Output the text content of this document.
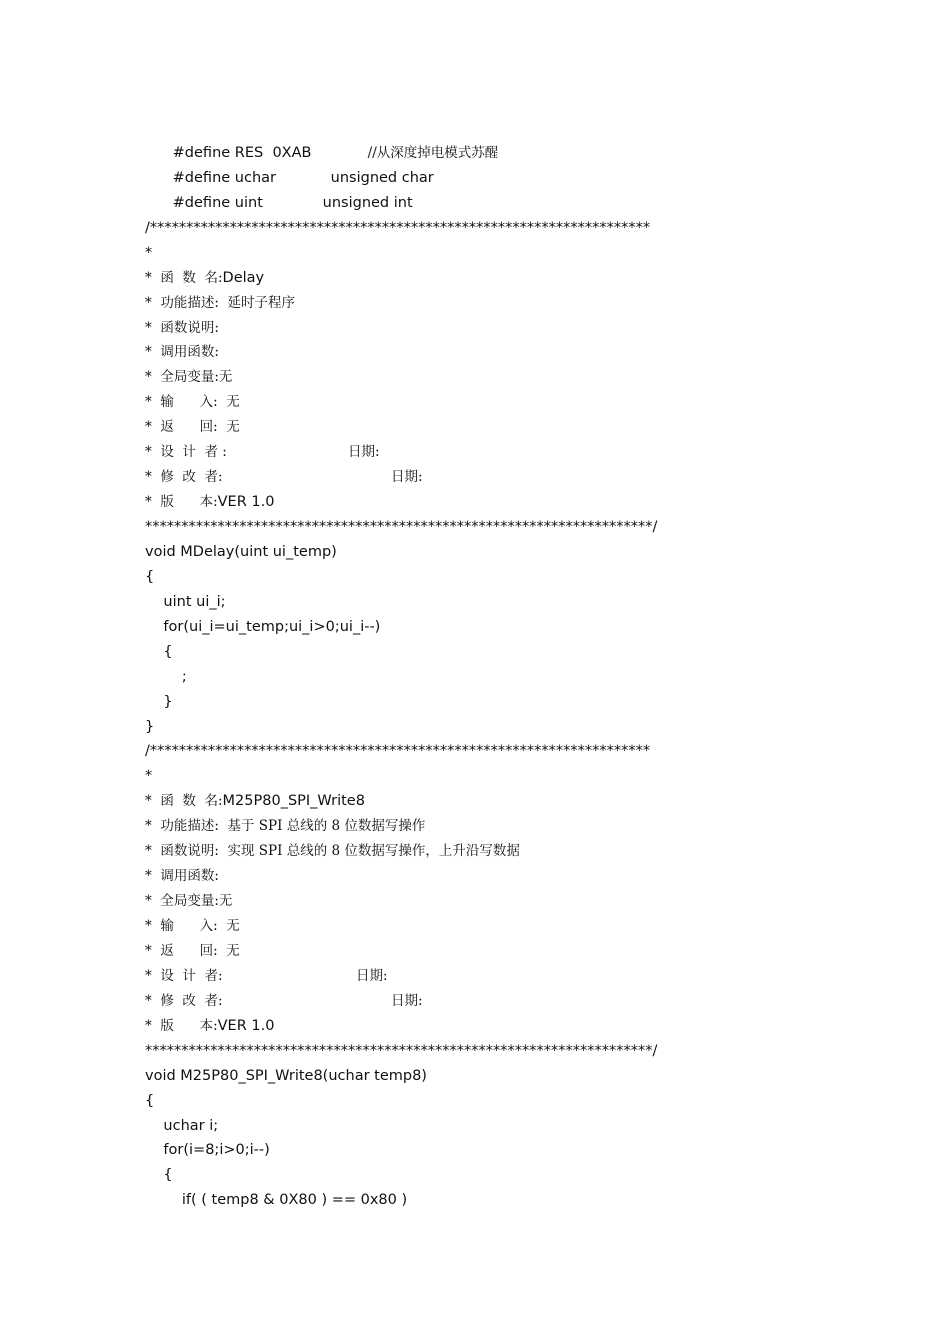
#define RES  0XAB	//从深度掉电模式苏醒

#define uchar	unsigned char

#define uint	unsigned int

/*********************************************************************
*
*  函  数  名:Delay
*  功能描述:  延时子程序
*  函数说明:
*  调用函数:
*  全局变量:无
*  输      入:  无
*  返      回:  无
*  设  计  者 :	日期:
*  修  改  者:	日期:
*  版      本:VER 1.0
**********************************************************************/
void MDelay(uint ui_temp)
{
uint ui_i;
for(ui_i=ui_temp;ui_i>0;ui_i--)
{
;
}
}
/*********************************************************************
*
*  函  数  名:M25P80_SPI_Write8
*  功能描述:  基于 SPI 总线的 8 位数据写操作
*  函数说明:  实现 SPI 总线的 8 位数据写操作，上升沿写数据
*  调用函数:
*  全局变量:无
*  输      入:  无
*  返      回:  无
*  设  计  者:	日期:
*  修  改  者:	日期:
*  版      本:VER 1.0
**********************************************************************/
void M25P80_SPI_Write8(uchar temp8)
{
uchar i;
for(i=8;i>0;i--)
{
if( ( temp8 & 0X80 ) == 0x80 )
